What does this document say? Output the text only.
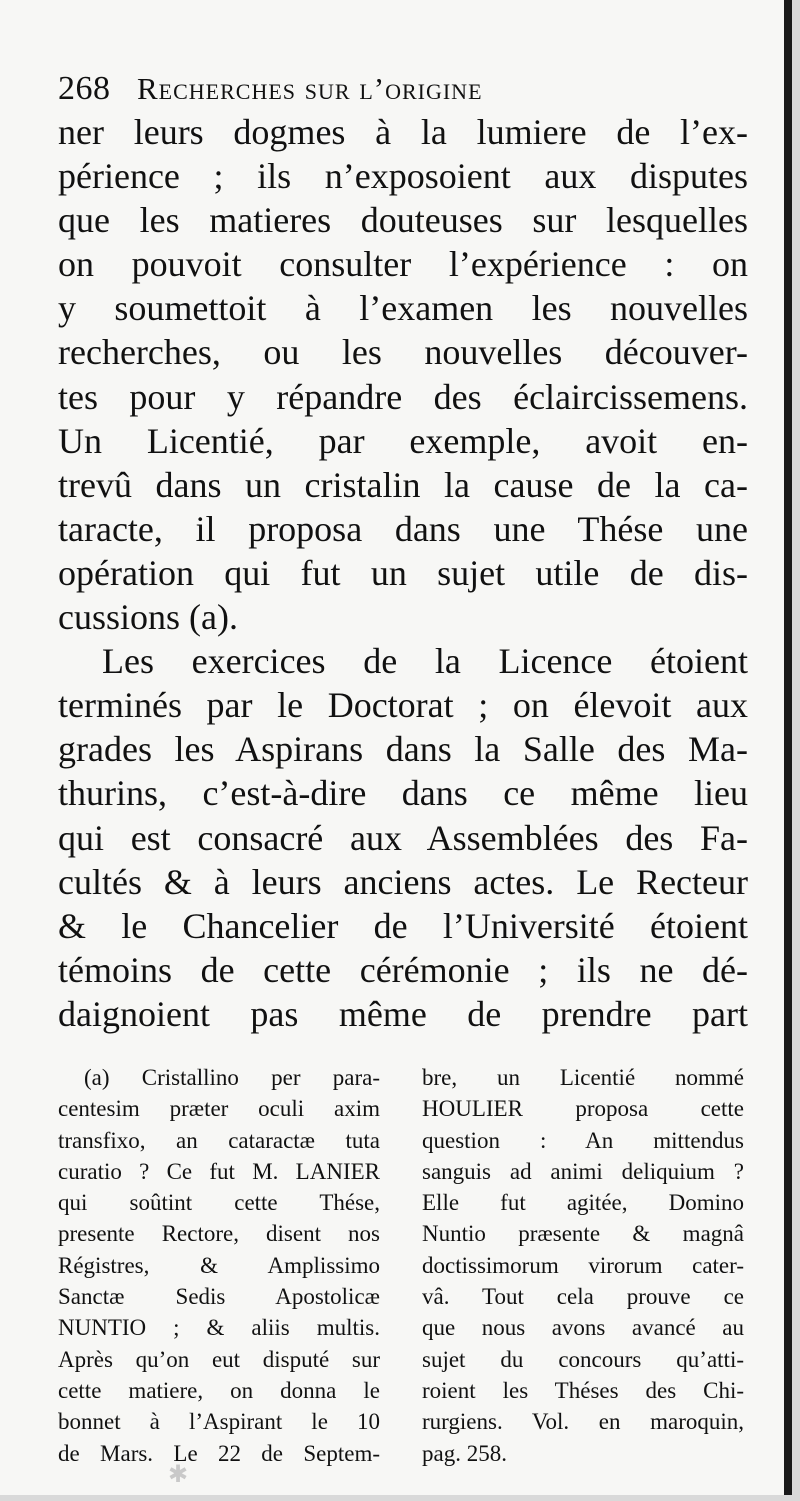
268 Recherches sur l’origine
ner leurs dogmes à la lumiere de l’ex-
périence ; ils n’exposoient aux disputes
que les matieres douteuses sur lesquelles
on pouvoit consulter l’expérience : on
y soumettoit à l’examen les nouvelles
recherches, ou les nouvelles découver-
tes pour y répandre des éclaircissemens.
Un Licentié, par exemple, avoit en-
trevû dans un cristalin la cause de la ca-
taracte, il proposa dans une Thése une
opération qui fut un sujet utile de dis-
cussions (a).
Les exercices de la Licence étoient
terminés par le Doctorat ; on élevoit aux
grades les Aspirans dans la Salle des Ma-
thurins, c’est-à-dire dans ce même lieu
qui est consacré aux Assemblées des Fa-
cultés & à leurs anciens actes. Le Recteur
& le Chancelier de l’Université étoient
témoins de cette cérémonie ; ils ne dé-
daignoient pas même de prendre part
(a) Cristallino per para-
centesim præter oculi axim
transfixo, an cataractæ tuta
curatio ? Ce fut M. LANIER
qui soûtint cette Thése,
presente Rectore, disent nos
Régistres, & Amplissimo
Sanctæ Sedis Apostolicæ
NUNTIO ; & aliis multis.
Après qu’on eut disputé sur
cette matiere, on donna le
bonnet à l’Aspirant le 10
de Mars. Le 22 de Septem-
bre, un Licentié nommé
HOULIER proposa cette
question : An mittendus
sanguis ad animi deliquium ?
Elle fut agitée, Domino
Nuntio præsente & magnâ
doctissimorum virorum cater-
vâ. Tout cela prouve ce
que nous avons avancé au
sujet du concours qu’atti-
roient les Théses des Chi-
rurgiens. Vol. en maroquin,
pag. 258.
✱
